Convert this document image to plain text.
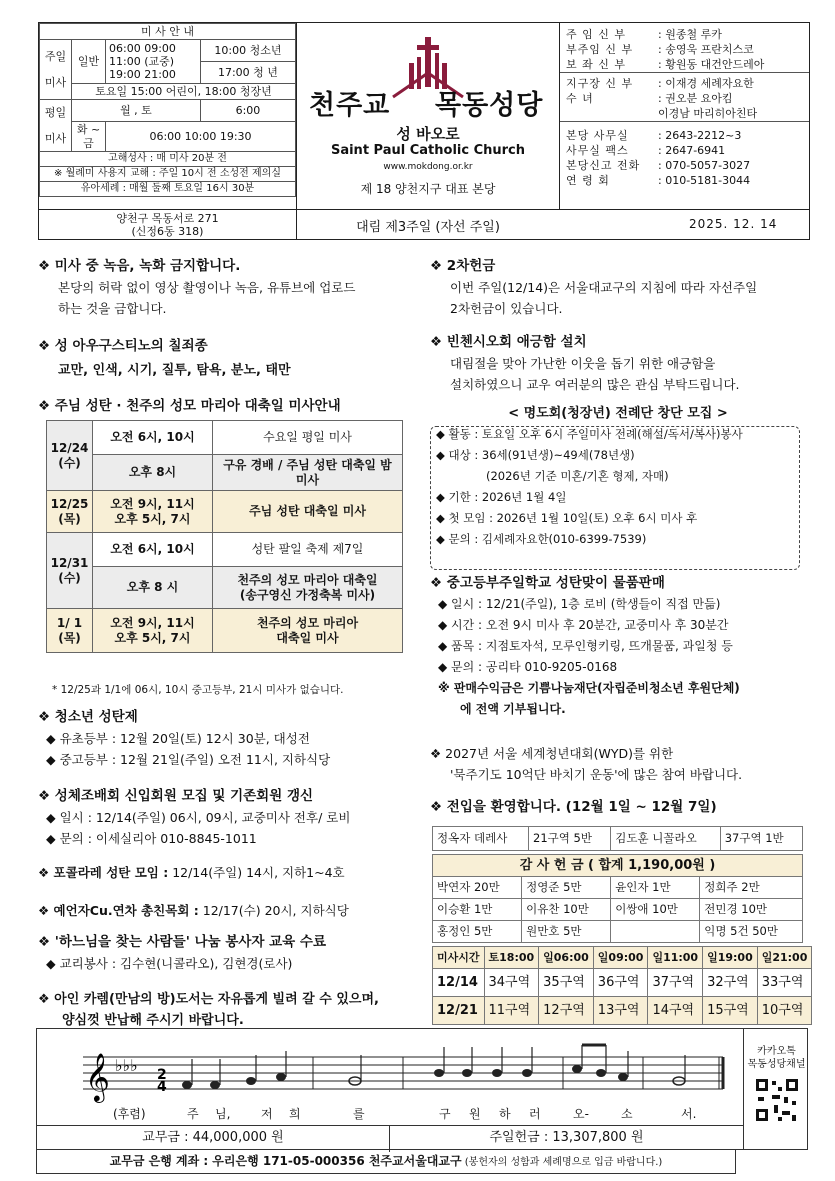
미 사 안 내			
주일

미사	일반	06:00 09:00
11:00 (교중)
19:00 21:00	10:00 청소년
			17:00 청 년
	토요일 15:00 어린이, 18:00 청장년		
평일

미사	월 , 토		6:00
	화 ~ 금	06:00 10:00 19:30	
고해성사 : 매 미사 20분 전			
※ 월례미 사용지 교해 : 주일 10시 전 소성전 제의실			
유아세례 : 매월 둘째 토요일 16시 30분			
천주교 목동성당
성 바오로
Saint Paul Catholic Church
www.mokdong.or.kr
제 18 양천지구 대표 본당
주 임 신 부	: 원종철 루카
부주임 신 부	: 송영욱 프란치스코
보 좌 신 부	: 황원동 대건안드레아
지구장 신 부	: 이재경 세례자요한
수 녀	: 권오분 요아킴
이경남 마리히아친타
본당 사무실	: 2643-2212~3
사무실 팩스	: 2647-6941
본당신고 전화	: 070-5057-3027
연 령 회	: 010-5181-3044
양천구 목동서로 271
(신정6동 318)	대림 제3주일 (자선 주일)	2025. 12. 14
❖ 미사 중 녹음, 녹화 금지합니다.

본당의 허락 없이 영상 촬영이나 녹음, 유튜브에 업로드

하는 것을 금합니다.

❖ 성 아우구스티노의 칠죄종

교만, 인색, 시기, 질투, 탐욕, 분노, 태만

❖ 주님 성탄 · 천주의 성모 마리아 대축일 미사안내
12/24
(수)	오전 6시, 10시	수요일 평일 미사
	오후 8시	구유 경배 / 주님 성탄 대축일 밤 미사
12/25
(목)	오전 9시, 11시
오후 5시, 7시	주님 성탄 대축일 미사
12/31
(수)	오전 6시, 10시	성탄 팔일 축제 제7일
	오후 8 시	천주의 성모 마리아 대축일
(송구영신 가정축복 미사)
1/ 1
(목)	오전 9시, 11시
오후 5시, 7시	천주의 성모 마리아
대축일 미사
* 12/25과 1/1에 06시, 10시 중고등부, 21시 미사가 없습니다.
❖ 청소년 성탄제

◆ 유초등부 : 12월 20일(토) 12시 30분, 대성전

◆ 중고등부 : 12월 21일(주일) 오전 11시, 지하식당

❖ 성체조배회 신입회원 모집 및 기존회원 갱신

◆ 일시 : 12/14(주일) 06시, 09시, 교중미사 전후/ 로비

◆ 문의 : 이세실리아 010-8845-1011

❖ 포콜라레 성탄 모임 : 12/14(주일) 14시, 지하1~4호

❖ 예언자Cu.연차 총친목회 : 12/17(수) 20시, 지하식당

❖ '하느님을 찾는 사람들' 나눔 봉사자 교육 수료

◆ 교리봉사 : 김수현(니콜라오), 김현경(로사)

❖ 아인 카렘(만남의 방)도서는 자유롭게 빌려 갈 수 있으며,

양심껏 반납해 주시기 바랍니다.

❖ 2차헌금

이번 주일(12/14)은 서울대교구의 지침에 따라 자선주일

2차헌금이 있습니다.

❖ 빈첸시오회 애긍함 설치

대림절을 맞아 가난한 이웃을 돕기 위한 애긍함을

설치하였으니 교우 여러분의 많은 관심 부탁드립니다.

< 명도회(청장년) 전례단 창단 모집 >

◆ 활동 : 토요일 오후 6시 주일미사 전례(해설/독서/복사)봉사

◆ 대상 : 36세(91년생)~49세(78년생)

(2026년 기준 미혼/기혼 형제, 자매)

◆ 기한 : 2026년 1월 4일

◆ 첫 모임 : 2026년 1월 10일(토) 오후 6시 미사 후

◆ 문의 : 김세례자요한(010-6399-7539)

❖ 중고등부주일학교 성탄맞이 물품판매

◆ 일시 : 12/21(주일), 1층 로비 (학생들이 직접 만듦)

◆ 시간 : 오전 9시 미사 후 20분간, 교중미사 후 30분간

◆ 품목 : 지점토자석, 모루인형키링, 뜨개물품, 과일청 등

◆ 문의 : 공리타 010-9205-0168

※ 판매수익금은 기쁨나눔재단(자립준비청소년 후원단체)

에 전액 기부됩니다.

❖ 2027년 서울 세계청년대회(WYD)를 위한

'묵주기도 10억단 바치기 운동'에 많은 참여 바랍니다.

❖ 전입을 환영합니다. (12월 1일 ~ 12월 7일)
정옥자 데레사	21구역 5반	김도훈 니꼴라오	37구역 1반
감 사 헌 금 ( 합계 1,190,00원 )			
박연자 20만	정영준 5만	윤인자 1만	정희주 2만
이승환 1만	이유찬 10만	이쌍애 10만	전민경 10만
홍정인 5만	원만호 5만		익명 5건 50만
미사시간	토18:00	일06:00	일09:00	일11:00	일19:00	일21:00
12/14	34구역	35구역	36구역	37구역	32구역	33구역
12/21	11구역	12구역	13구역	14구역	15구역	10구역
𝄞 ♭♭♭ 2
4
(후렴)	주 님,	저 희	를	구 원 하 러	오-	소	서.
카카오톡
목동성당채널
교무금 : 44,000,000 원	주일헌금 : 13,307,800 원
교무금 은행 계좌 : 우리은행 171-05-000356 천주교서울대교구 (봉헌자의 성함과 세례명으로 입금 바랍니다.)
